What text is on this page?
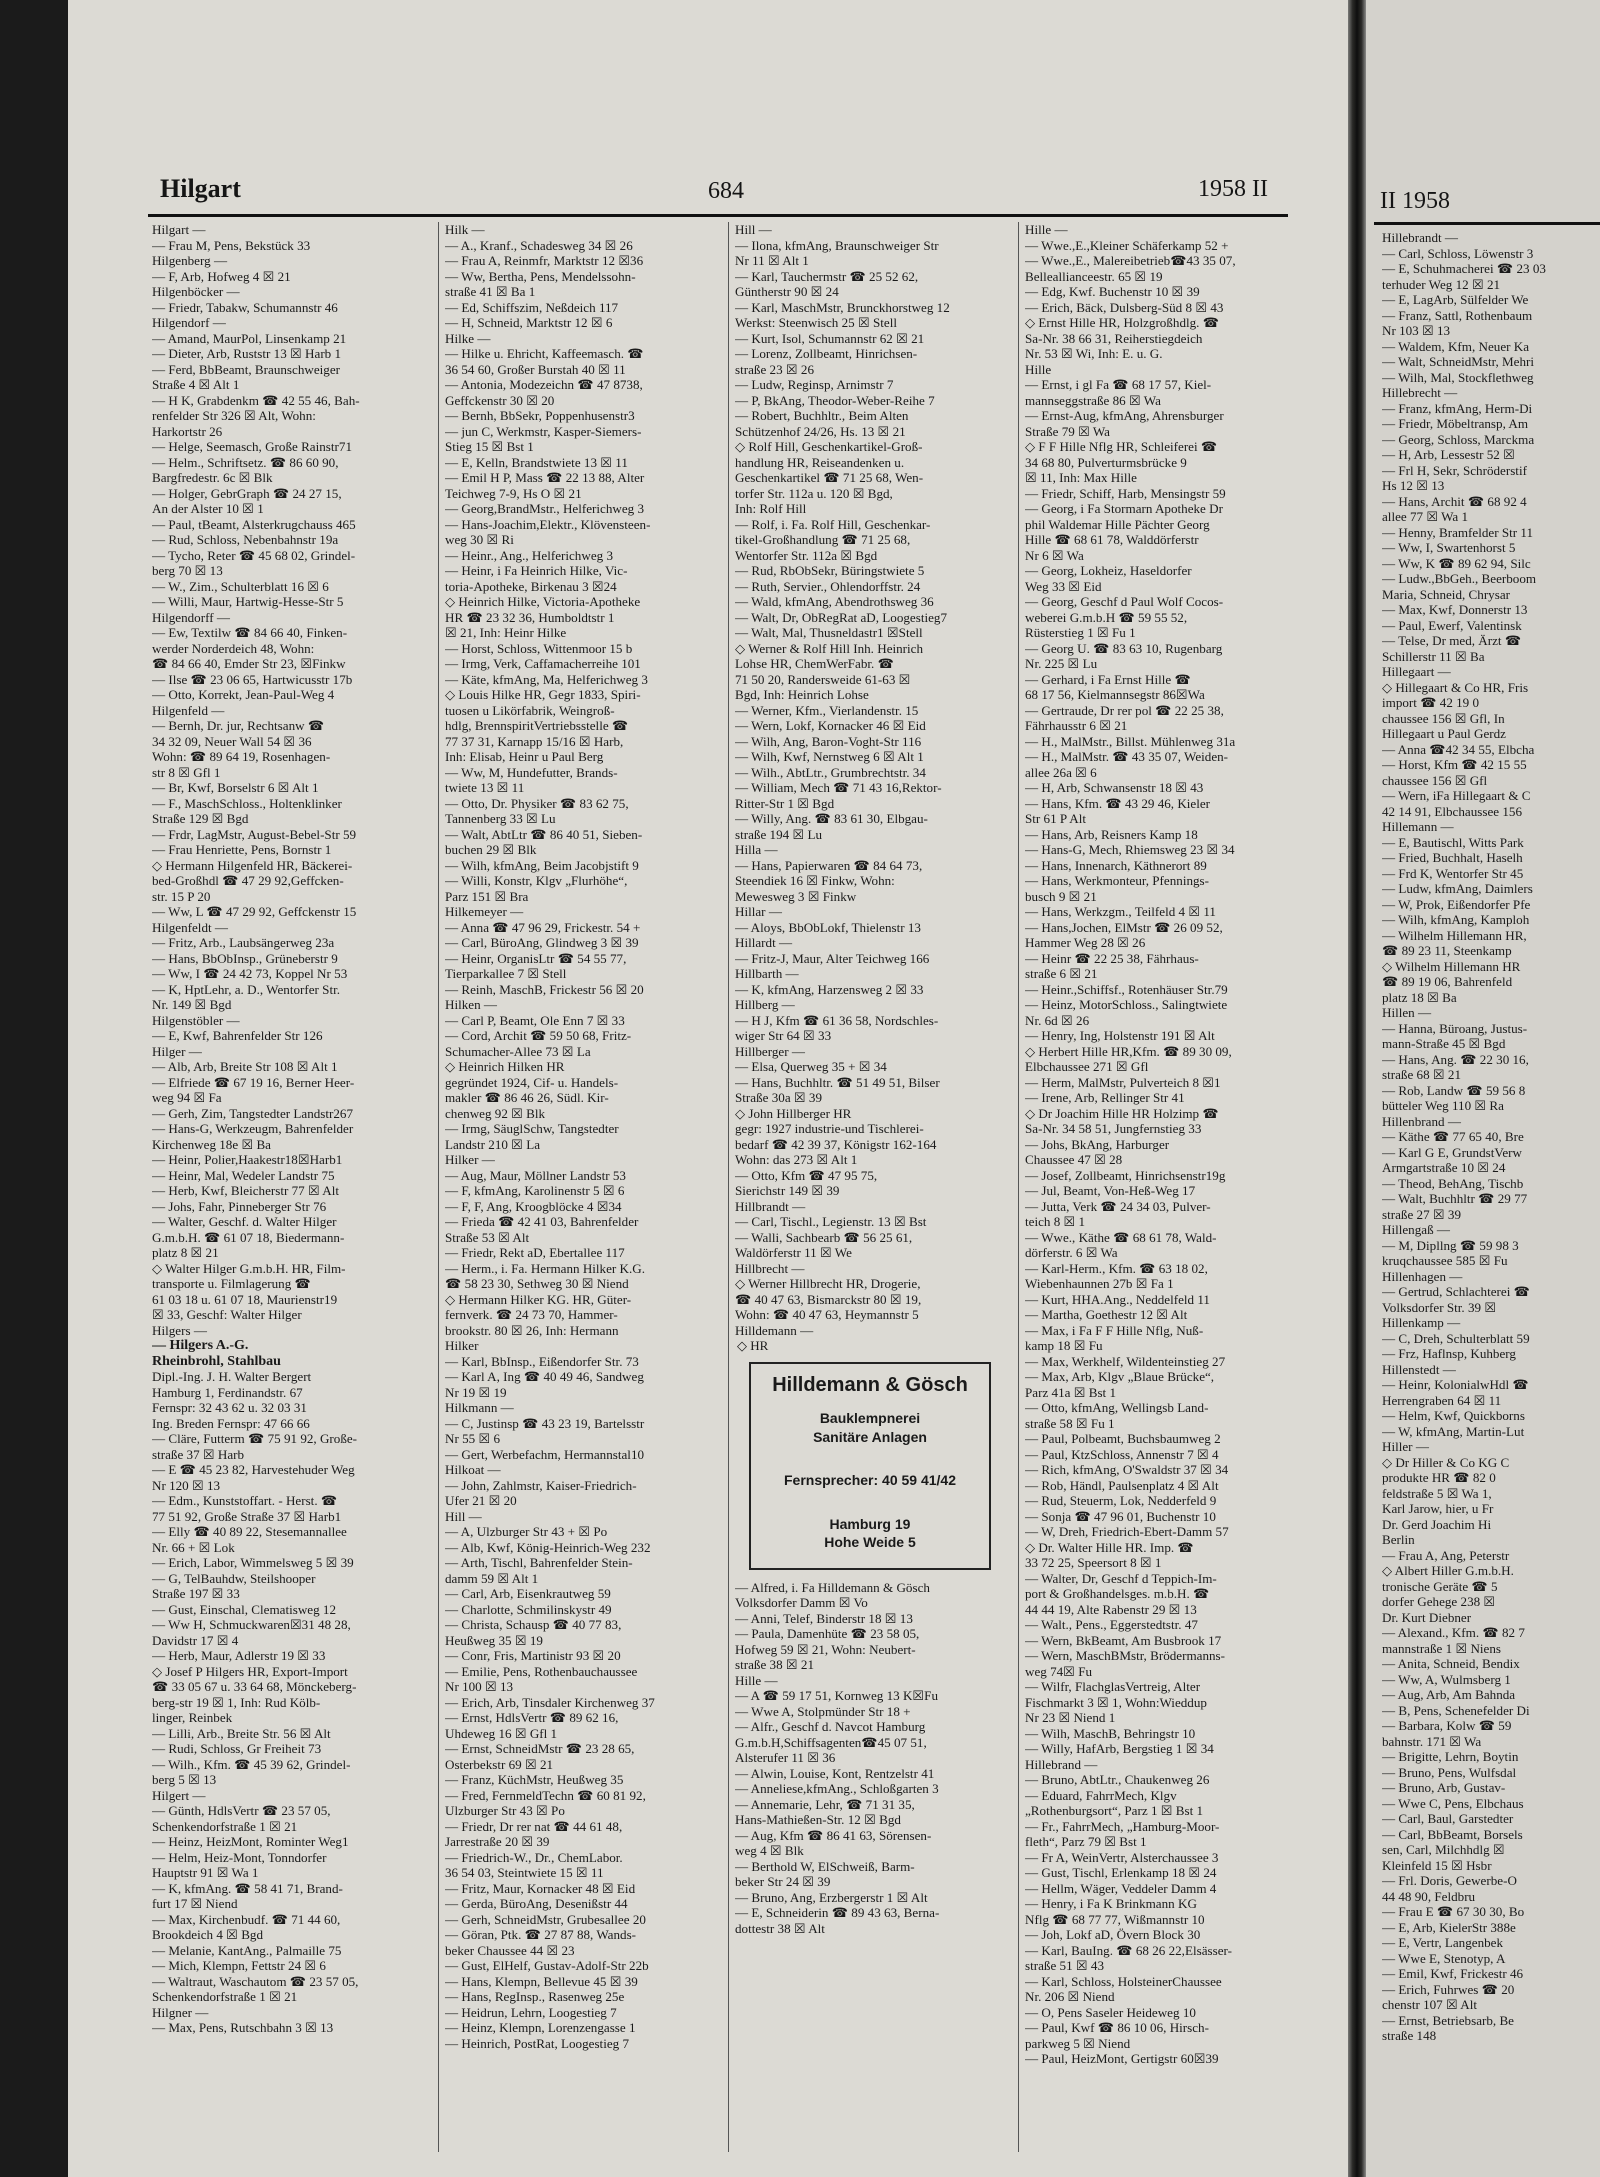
Hilgart	684	1958 II
Hilgart —
— Frau M, Pens, Bekstück 33
Hilgenberg —
— F, Arb, Hofweg 4 ☒ 21
Hilgenböcker —
— Friedr, Tabakw, Schumannstr 46
Hilgendorf —
— Amand, MaurPol, Linsenkamp 21
— Dieter, Arb, Ruststr 13 ☒ Harb 1
— Ferd, BbBeamt, Braunschweiger
Straße 4 ☒ Alt 1
— H K, Grabdenkm ☎ 42 55 46, Bah-
renfelder Str 326 ☒ Alt, Wohn:
Harkortstr 26
— Helge, Seemasch, Große Rainstr71
— Helm., Schriftsetz. ☎ 86 60 90,
Bargfredestr. 6c ☒ Blk
— Holger, GebrGraph ☎ 24 27 15,
An der Alster 10 ☒ 1
— Paul, tBeamt, Alsterkrugchauss 465
— Rud, Schloss, Nebenbahnstr 19a
— Tycho, Reter ☎ 45 68 02, Grindel-
berg 70 ☒ 13
— W., Zim., Schulterblatt 16 ☒ 6
— Willi, Maur, Hartwig-Hesse-Str 5
Hilgendorff —
— Ew, Textilw ☎ 84 66 40, Finken-
werder Norderdeich 48, Wohn:
☎ 84 66 40, Emder Str 23, ☒Finkw
— Ilse ☎ 23 06 65, Hartwicusstr 17b
— Otto, Korrekt, Jean-Paul-Weg 4
Hilgenfeld —
— Bernh, Dr. jur, Rechtsanw ☎
34 32 09, Neuer Wall 54 ☒ 36
Wohn: ☎ 89 64 19, Rosenhagen-
str 8 ☒ Gfl 1
— Br, Kwf, Borselstr 6 ☒ Alt 1
— F., MaschSchloss., Holtenklinker
Straße 129 ☒ Bgd
— Frdr, LagMstr, August-Bebel-Str 59
— Frau Henriette, Pens, Bornstr 1
◇ Hermann Hilgenfeld HR, Bäckerei-
bed-Großhdl ☎ 47 29 92,Geffcken-
str. 15 P 20
— Ww, L ☎ 47 29 92, Geffckenstr 15
Hilgenfeldt —
— Fritz, Arb., Laubsängerweg 23a
— Hans, BbObInsp., Grüneberstr 9
— Ww, I ☎ 24 42 73, Koppel Nr 53
— K, HptLehr, a. D., Wentorfer Str.
Nr. 149 ☒ Bgd
Hilgenstöbler —
— E, Kwf, Bahrenfelder Str 126
Hilger —
— Alb, Arb, Breite Str 108 ☒ Alt 1
— Elfriede ☎ 67 19 16, Berner Heer-
weg 94 ☒ Fa
— Gerh, Zim, Tangstedter Landstr267
— Hans-G, Werkzeugm, Bahrenfelder
Kirchenweg 18e ☒ Ba
— Heinr, Polier,Haakestr18☒Harb1
— Heinr, Mal, Wedeler Landstr 75
— Herb, Kwf, Bleicherstr 77 ☒ Alt
— Johs, Fahr, Pinneberger Str 76
— Walter, Geschf. d. Walter Hilger
G.m.b.H. ☎ 61 07 18, Biedermann-
platz 8 ☒ 21
◇ Walter Hilger G.m.b.H. HR, Film-
transporte u. Filmlagerung ☎
61 03 18 u. 61 07 18, Maurienstr19
☒ 33, Geschf: Walter Hilger
Hilgers —
— Hilgers A.-G.
Rheinbrohl, Stahlbau
Dipl.-Ing. J. H. Walter Bergert
Hamburg 1, Ferdinandstr. 67
Fernspr: 32 43 62 u. 32 03 31
Ing. Breden Fernspr: 47 66 66
— Cläre, Futterm ☎ 75 91 92, Große-
straße 37 ☒ Harb
— E ☎ 45 23 82, Harvestehuder Weg
Nr 120 ☒ 13
— Edm., Kunststoffart. - Herst. ☎
77 51 92, Große Straße 37 ☒ Harb1
— Elly ☎ 40 89 22, Stesemannallee
Nr. 66 + ☒ Lok
— Erich, Labor, Wimmelsweg 5 ☒ 39
— G, TelBauhdw, Steilshooper
Straße 197 ☒ 33
— Gust, Einschal, Clematisweg 12
— Ww H, Schmuckwaren☒31 48 28,
Davidstr 17 ☒ 4
— Herb, Maur, Adlerstr 19 ☒ 33
◇ Josef P Hilgers HR, Export-Import
☎ 33 05 67 u. 33 64 68, Mönckeberg-
berg-str 19 ☒ 1, Inh: Rud Kölb-
linger, Reinbek
— Lilli, Arb., Breite Str. 56 ☒ Alt
— Rudi, Schloss, Gr Freiheit 73
— Wilh., Kfm. ☎ 45 39 62, Grindel-
berg 5 ☒ 13
Hilgert —
— Günth, HdlsVertr ☎ 23 57 05,
Schenkendorfstraße 1 ☒ 21
— Heinz, HeizMont, Rominter Weg1
— Helm, Heiz-Mont, Tonndorfer
Hauptstr 91 ☒ Wa 1
— K, kfmAng. ☎ 58 41 71, Brand-
furt 17 ☒ Niend
— Max, Kirchenbudf. ☎ 71 44 60,
Brookdeich 4 ☒ Bgd
— Melanie, KantAng., Palmaille 75
— Mich, Klempn, Fettstr 24 ☒ 6
— Waltraut, Waschautom ☎ 23 57 05,
Schenkendorfstraße 1 ☒ 21
Hilgner —
— Max, Pens, Rutschbahn 3 ☒ 13
Hilk —
— A., Kranf., Schadesweg 34 ☒ 26
— Frau A, Reinmfr, Marktstr 12 ☒36
— Ww, Bertha, Pens, Mendelssohn-
straße 41 ☒ Ba 1
— Ed, Schiffszim, Neßdeich 117
— H, Schneid, Marktstr 12 ☒ 6
Hilke —
— Hilke u. Ehricht, Kaffeemasch. ☎
36 54 60, Großer Burstah 40 ☒ 11
— Antonia, Modezeichn ☎ 47 8738,
Geffckenstr 30 ☒ 20
— Bernh, BbSekr, Poppenhusenstr3
— jun C, Werkmstr, Kasper-Siemers-
Stieg 15 ☒ Bst 1
— E, Kelln, Brandstwiete 13 ☒ 11
— Emil H P, Mass ☎ 22 13 88, Alter
Teichweg 7-9, Hs O ☒ 21
— Georg,BrandMstr., Helferichweg 3
— Hans-Joachim,Elektr., Klövensteen-
weg 30 ☒ Ri
— Heinr., Ang., Helferichweg 3
— Heinr, i Fa Heinrich Hilke, Vic-
toria-Apotheke, Birkenau 3 ☒24
◇ Heinrich Hilke, Victoria-Apotheke
HR ☎ 23 32 36, Humboldtstr 1
☒ 21, Inh: Heinr Hilke
— Horst, Schloss, Wittenmoor 15 b
— Irmg, Verk, Caffamacherreihe 101
— Käte, kfmAng, Ma, Helferichweg 3
◇ Louis Hilke HR, Gegr 1833, Spiri-
tuosen u Likörfabrik, Weingroß-
hdlg, BrennspiritVertriebsstelle ☎
77 37 31, Karnapp 15/16 ☒ Harb,
Inh: Elisab, Heinr u Paul Berg
— Ww, M, Hundefutter, Brands-
twiete 13 ☒ 11
— Otto, Dr. Physiker ☎ 83 62 75,
Tannenberg 33 ☒ Lu
— Walt, AbtLtr ☎ 86 40 51, Sieben-
buchen 29 ☒ Blk
— Wilh, kfmAng, Beim Jacobjstift 9
— Willi, Konstr, Klgv „Flurhöhe“,
Parz 151 ☒ Bra
Hilkemeyer —
— Anna ☎ 47 96 29, Frickestr. 54 +
— Carl, BüroAng, Glindweg 3 ☒ 39
— Heinr, OrganisLtr ☎ 54 55 77,
Tierparkallee 7 ☒ Stell
— Reinh, MaschB, Frickestr 56 ☒ 20
Hilken —
— Carl P, Beamt, Ole Enn 7 ☒ 33
— Cord, Archit ☎ 59 50 68, Fritz-
Schumacher-Allee 73 ☒ La
◇ Heinrich Hilken HR
gegründet 1924, Cif- u. Handels-
makler ☎ 86 46 26, Südl. Kir-
chenweg 92 ☒ Blk
— Irmg, SäuglSchw, Tangstedter
Landstr 210 ☒ La
Hilker —
— Aug, Maur, Möllner Landstr 53
— F, kfmAng, Karolinenstr 5 ☒ 6
— F, F, Ang, Kroogblöcke 4 ☒34
— Frieda ☎ 42 41 03, Bahrenfelder
Straße 53 ☒ Alt
— Friedr, Rekt aD, Ebertallee 117
— Herm., i. Fa. Hermann Hilker K.G.
☎ 58 23 30, Sethweg 30 ☒ Niend
◇ Hermann Hilker KG. HR, Güter-
fernverk. ☎ 24 73 70, Hammer-
brookstr. 80 ☒ 26, Inh: Hermann
Hilker
— Karl, BbInsp., Eißendorfer Str. 73
— Karl A, Ing ☎ 40 49 46, Sandweg
Nr 19 ☒ 19
Hilkmann —
— C, Justinsp ☎ 43 23 19, Bartelsstr
Nr 55 ☒ 6
— Gert, Werbefachm, Hermannstal10
Hilkoat —
— John, Zahlmstr, Kaiser-Friedrich-
Ufer 21 ☒ 20
Hill —
— A, Ulzburger Str 43 + ☒ Po
— Alb, Kwf, König-Heinrich-Weg 232
— Arth, Tischl, Bahrenfelder Stein-
damm 59 ☒ Alt 1
— Carl, Arb, Eisenkrautweg 59
— Charlotte, Schmilinskystr 49
— Christa, Schausp ☎ 40 77 83,
Heußweg 35 ☒ 19
— Conr, Fris, Martinistr 93 ☒ 20
— Emilie, Pens, Rothenbauchaussee
Nr 100 ☒ 13
— Erich, Arb, Tinsdaler Kirchenweg 37
— Ernst, HdlsVertr ☎ 89 62 16,
Uhdeweg 16 ☒ Gfl 1
— Ernst, SchneidMstr ☎ 23 28 65,
Osterbekstr 69 ☒ 21
— Franz, KüchMstr, Heußweg 35
— Fred, FernmeldTechn ☎ 60 81 92,
Ulzburger Str 43 ☒ Po
— Friedr, Dr rer nat ☎ 44 61 48,
Jarrestraße 20 ☒ 39
— Friedrich-W., Dr., ChemLabor.
36 54 03, Steintwiete 15 ☒ 11
— Fritz, Maur, Kornacker 48 ☒ Eid
— Gerda, BüroAng, Desenißstr 44
— Gerh, SchneidMstr, Grubesallee 20
— Göran, Ptk. ☎ 27 87 88, Wands-
beker Chaussee 44 ☒ 23
— Gust, ElHelf, Gustav-Adolf-Str 22b
— Hans, Klempn, Bellevue 45 ☒ 39
— Hans, RegInsp., Rasenweg 25e
— Heidrun, Lehrn, Loogestieg 7
— Heinz, Klempn, Lorenzengasse 1
— Heinrich, PostRat, Loogestieg 7
Hill —
— Ilona, kfmAng, Braunschweiger Str
Nr 11 ☒ Alt 1
— Karl, Tauchermstr ☎ 25 52 62,
Güntherstr 90 ☒ 24
— Karl, MaschMstr, Brunckhorstweg 12
Werkst: Steenwisch 25 ☒ Stell
— Kurt, Isol, Schumannstr 62 ☒ 21
— Lorenz, Zollbeamt, Hinrichsen-
straße 23 ☒ 26
— Ludw, Reginsp, Arnimstr 7
— P, BkAng, Theodor-Weber-Reihe 7
— Robert, Buchhltr., Beim Alten
Schützenhof 24/26, Hs. 13 ☒ 21
◇ Rolf Hill, Geschenkartikel-Groß-
handlung HR, Reiseandenken u.
Geschenkartikel ☎ 71 25 68, Wen-
torfer Str. 112a u. 120 ☒ Bgd,
Inh: Rolf Hill
— Rolf, i. Fa. Rolf Hill, Geschenkar-
tikel-Großhandlung ☎ 71 25 68,
Wentorfer Str. 112a ☒ Bgd
— Rud, RbObSekr, Büringstwiete 5
— Ruth, Servier., Ohlendorffstr. 24
— Wald, kfmAng, Abendrothsweg 36
— Walt, Dr, ObRegRat aD, Loogestieg7
— Walt, Mal, Thusneldastr1 ☒Stell
◇ Werner & Rolf Hill Inh. Heinrich
Lohse HR, ChemWerFabr. ☎
71 50 20, Randersweide 61-63 ☒
Bgd, Inh: Heinrich Lohse
— Werner, Kfm., Vierlandenstr. 15
— Wern, Lokf, Kornacker 46 ☒ Eid
— Wilh, Ang, Baron-Voght-Str 116
— Wilh, Kwf, Nernstweg 6 ☒ Alt 1
— Wilh., AbtLtr., Grumbrechtstr. 34
— William, Mech ☎ 71 43 16,Rektor-
Ritter-Str 1 ☒ Bgd
— Willy, Ang. ☎ 83 61 30, Elbgau-
straße 194 ☒ Lu
Hilla —
— Hans, Papierwaren ☎ 84 64 73,
Steendiek 16 ☒ Finkw, Wohn:
Mewesweg 3 ☒ Finkw
Hillar —
— Aloys, BbObLokf, Thielenstr 13
Hillardt —
— Fritz-J, Maur, Alter Teichweg 166
Hillbarth —
— K, kfmAng, Harzensweg 2 ☒ 33
Hillberg —
— H J, Kfm ☎ 61 36 58, Nordschles-
wiger Str 64 ☒ 33
Hillberger —
— Elsa, Querweg 35 + ☒ 34
— Hans, Buchhltr. ☎ 51 49 51, Bilser
Straße 30a ☒ 39
◇ John Hillberger HR
gegr: 1927 industrie-und Tischlerei-
bedarf ☎ 42 39 37, Königstr 162-164
Wohn: das 273 ☒ Alt 1
— Otto, Kfm ☎ 47 95 75,
Sierichstr 149 ☒ 39
Hillbrandt —
— Carl, Tischl., Legienstr. 13 ☒ Bst
— Walli, Sachbearb ☎ 56 25 61,
Waldörferstr 11 ☒ We
Hillbrecht —
◇ Werner Hillbrecht HR, Drogerie,
☎ 40 47 63, Bismarckstr 80 ☒ 19,
Wohn: ☎ 40 47 63, Heymannstr 5
Hilldemann —
◇ HR
Hilldemann & Gösch
Bauklempnerei
Sanitäre Anlagen
Fernsprecher: 40 59 41/42
Hamburg 19
Hohe Weide 5
— Alfred, i. Fa Hilldemann & Gösch
Volksdorfer Damm ☒ Vo
— Anni, Telef, Binderstr 18 ☒ 13
— Paula, Damenhüte ☎ 23 58 05,
Hofweg 59 ☒ 21, Wohn: Neubert-
straße 38 ☒ 21
Hille —
— A ☎ 59 17 51, Kornweg 13 K☒Fu
— Wwe A, Stolpmünder Str 18 +
— Alfr., Geschf d. Navcot Hamburg
G.m.b.H,Schiffsagenten☎45 07 51,
Alsterufer 11 ☒ 36
— Alwin, Louise, Kont, Rentzelstr 41
— Anneliese,kfmAng., Schloßgarten 3
— Annemarie, Lehr, ☎ 71 31 35,
Hans-Mathießen-Str. 12 ☒ Bgd
— Aug, Kfm ☎ 86 41 63, Sörensen-
weg 4 ☒ Blk
— Berthold W, ElSchweiß, Barm-
beker Str 24 ☒ 39
— Bruno, Ang, Erzbergerstr 1 ☒ Alt
— E, Schneiderin ☎ 89 43 63, Berna-
dottestr 38 ☒ Alt
Hille —
— Wwe.,E.,Kleiner Schäferkamp 52 +
— Wwe.,E., Malereibetrieb☎43 35 07,
Belleallianceestr. 65 ☒ 19
— Edg, Kwf. Buchenstr 10 ☒ 39
— Erich, Bäck, Dulsberg-Süd 8 ☒ 43
◇ Ernst Hille HR, Holzgroßhdlg. ☎
Sa-Nr. 38 66 31, Reiherstiegdeich
Nr. 53 ☒ Wi, Inh: E. u. G.
Hille
— Ernst, i gl Fa ☎ 68 17 57, Kiel-
mannseggstraße 86 ☒ Wa
— Ernst-Aug, kfmAng, Ahrensburger
Straße 79 ☒ Wa
◇ F F Hille Nflg HR, Schleiferei ☎
34 68 80, Pulverturmsbrücke 9
☒ 11, Inh: Max Hille
— Friedr, Schiff, Harb, Mensingstr 59
— Georg, i Fa Stormarn Apotheke Dr
phil Waldemar Hille Pächter Georg
Hille ☎ 68 61 78, Walddörferstr
Nr 6 ☒ Wa
— Georg, Lokheiz, Haseldorfer
Weg 33 ☒ Eid
— Georg, Geschf d Paul Wolf Cocos-
weberei G.m.b.H ☎ 59 55 52,
Rüsterstieg 1 ☒ Fu 1
— Georg U. ☎ 83 63 10, Rugenbarg
Nr. 225 ☒ Lu
— Gerhard, i Fa Ernst Hille ☎
68 17 56, Kielmannsegstr 86☒Wa
— Gertraude, Dr rer pol ☎ 22 25 38,
Fährhausstr 6 ☒ 21
— H., MalMstr., Billst. Mühlenweg 31a
— H., MalMstr. ☎ 43 35 07, Weiden-
allee 26a ☒ 6
— H, Arb, Schwansenstr 18 ☒ 43
— Hans, Kfm. ☎ 43 29 46, Kieler
Str 61 P Alt
— Hans, Arb, Reisners Kamp 18
— Hans-G, Mech, Rhiemsweg 23 ☒ 34
— Hans, Innenarch, Käthnerort 89
— Hans, Werkmonteur, Pfennings-
busch 9 ☒ 21
— Hans, Werkzgm., Teilfeld 4 ☒ 11
— Hans,Jochen, ElMstr ☎ 26 09 52,
Hammer Weg 28 ☒ 26
— Heinr ☎ 22 25 38, Fährhaus-
straße 6 ☒ 21
— Heinr.,Schiffsf., Rotenhäuser Str.79
— Heinz, MotorSchloss., Salingtwiete
Nr. 6d ☒ 26
— Henry, Ing, Holstenstr 191 ☒ Alt
◇ Herbert Hille HR,Kfm. ☎ 89 30 09,
Elbchaussee 271 ☒ Gfl
— Herm, MalMstr, Pulverteich 8 ☒1
— Irene, Arb, Rellinger Str 41
◇ Dr Joachim Hille HR Holzimp ☎
Sa-Nr. 34 58 51, Jungfernstieg 33
— Johs, BkAng, Harburger
Chaussee 47 ☒ 28
— Josef, Zollbeamt, Hinrichsenstr19g
— Jul, Beamt, Von-Heß-Weg 17
— Jutta, Verk ☎ 24 34 03, Pulver-
teich 8 ☒ 1
— Wwe., Käthe ☎ 68 61 78, Wald-
dörferstr. 6 ☒ Wa
— Karl-Herm., Kfm. ☎ 63 18 02,
Wiebenhaunnen 27b ☒ Fa 1
— Kurt, HHA.Ang., Neddelfeld 11
— Martha, Goethestr 12 ☒ Alt
— Max, i Fa F F Hille Nflg, Nuß-
kamp 18 ☒ Fu
— Max, Werkhelf, Wildenteinstieg 27
— Max, Arb, Klgv „Blaue Brücke“,
Parz 41a ☒ Bst 1
— Otto, kfmAng, Wellingsb Land-
straße 58 ☒ Fu 1
— Paul, Polbeamt, Buchsbaumweg 2
— Paul, KtzSchloss, Annenstr 7 ☒ 4
— Rich, kfmAng, O'Swaldstr 37 ☒ 34
— Rob, Händl, Paulsenplatz 4 ☒ Alt
— Rud, Steuerm, Lok, Nedderfeld 9
— Sonja ☎ 47 96 01, Buchenstr 10
— W, Dreh, Friedrich-Ebert-Damm 57
◇ Dr. Walter Hille HR. Imp. ☎
33 72 25, Speersort 8 ☒ 1
— Walter, Dr, Geschf d Teppich-Im-
port & Großhandelsges. m.b.H. ☎
44 44 19, Alte Rabenstr 29 ☒ 13
— Walt., Pens., Eggerstedtstr. 47
— Wern, BkBeamt, Am Busbrook 17
— Wern, MaschBMstr, Brödermanns-
weg 74☒ Fu
— Wilfr, FlachglasVertreig, Alter
Fischmarkt 3 ☒ 1, Wohn:Wieddup
Nr 23 ☒ Niend 1
— Wilh, MaschB, Behringstr 10
— Willy, HafArb, Bergstieg 1 ☒ 34
Hillebrand —
— Bruno, AbtLtr., Chaukenweg 26
— Eduard, FahrrMech, Klgv
„Rothenburgsort“, Parz 1 ☒ Bst 1
— Fr., FahrrMech, „Hamburg-Moor-
fleth“, Parz 79 ☒ Bst 1
— Fr A, WeinVertr, Alsterchaussee 3
— Gust, Tischl, Erlenkamp 18 ☒ 24
— Hellm, Wäger, Veddeler Damm 4
— Henry, i Fa K Brinkmann KG
Nflg ☎ 68 77 77, Wißmannstr 10
— Joh, Lokf aD, Övern Block 30
— Karl, BauIng. ☎ 68 26 22,Elsässer-
straße 51 ☒ 43
— Karl, Schloss, HolsteinerChaussee
Nr. 206 ☒ Niend
— O, Pens Saseler Heideweg 10
— Paul, Kwf ☎ 86 10 06, Hirsch-
parkweg 5 ☒ Niend
— Paul, HeizMont, Gertigstr 60☒39
II 1958
Hillebrandt —
— Carl, Schloss, Löwenstr 3
— E, Schuhmacherei ☎ 23 03
terhuder Weg 12 ☒ 21
— E, LagArb, Sülfelder We
— Franz, Sattl, Rothenbaum
Nr 103 ☒ 13
— Waldem, Kfm, Neuer Ka
— Walt, SchneidMstr, Mehri
— Wilh, Mal, Stockflethweg
Hillebrecht —
— Franz, kfmAng, Herm-Di
— Friedr, Möbeltransp, Am
— Georg, Schloss, Marckma
— H, Arb, Lessestr 52 ☒
— Frl H, Sekr, Schröderstif
Hs 12 ☒ 13
— Hans, Archit ☎ 68 92 4
allee 77 ☒ Wa 1
— Henny, Bramfelder Str 11
— Ww, I, Swartenhorst 5
— Ww, K ☎ 89 62 94, Silc
— Ludw.,BbGeh., Beerboom
Maria, Schneid, Chrysar
— Max, Kwf, Donnerstr 13
— Paul, Ewerf, Valentinsk
— Telse, Dr med, Ärzt ☎
Schillerstr 11 ☒ Ba
Hillegaart —
◇ Hillegaart & Co HR, Fris
import ☎ 42 19 0
chaussee 156 ☒ Gfl, In
Hillegaart u Paul Gerdz
— Anna ☎42 34 55, Elbcha
— Horst, Kfm ☎ 42 15 55
chaussee 156 ☒ Gfl
— Wern, iFa Hillegaart & C
42 14 91, Elbchaussee 156
Hillemann —
— E, Bautischl, Witts Park
— Fried, Buchhalt, Haselh
— Frd K, Wentorfer Str 45
— Ludw, kfmAng, Daimlers
— W, Prok, Eißendorfer Pfe
— Wilh, kfmAng, Kamploh
— Wilhelm Hillemann HR,
☎ 89 23 11, Steenkamp
◇ Wilhelm Hillemann HR
☎ 89 19 06, Bahrenfeld
platz 18 ☒ Ba
Hillen —
— Hanna, Büroang, Justus-
mann-Straße 45 ☒ Bgd
— Hans, Ang. ☎ 22 30 16,
straße 68 ☒ 21
— Rob, Landw ☎ 59 56 8
bütteler Weg 110 ☒ Ra
Hillenbrand —
— Käthe ☎ 77 65 40, Bre
— Karl G E, GrundstVerw
Armgartstraße 10 ☒ 24
— Theod, BehAng, Tischb
— Walt, Buchhltr ☎ 29 77
straße 27 ☒ 39
Hillengaß —
— M, Dipllng ☎ 59 98 3
kruqchaussee 585 ☒ Fu
Hillenhagen —
— Gertrud, Schlachterei ☎
Volksdorfer Str. 39 ☒
Hillenkamp —
— C, Dreh, Schulterblatt 59
— Frz, Haflnsp, Kuhberg
Hillenstedt —
— Heinr, KolonialwHdl ☎
Herrengraben 64 ☒ 11
— Helm, Kwf, Quickborns
— W, kfmAng, Martin-Lut
Hiller —
◇ Dr Hiller & Co KG C
produkte HR ☎ 82 0
feldstraße 5 ☒ Wa 1,
Karl Jarow, hier, u Fr
Dr. Gerd Joachim Hi
Berlin
— Frau A, Ang, Peterstr
◇ Albert Hiller G.m.b.H.
tronische Geräte ☎ 5
dorfer Gehege 238 ☒
Dr. Kurt Diebner
— Alexand., Kfm. ☎ 82 7
mannstraße 1 ☒ Niens
— Anita, Schneid, Bendix
— Ww, A, Wulmsberg 1
— Aug, Arb, Am Bahnda
— B, Pens, Schenefelder Di
— Barbara, Kolw ☎ 59
bahnstr. 171 ☒ Wa
— Brigitte, Lehrn, Boytin
— Bruno, Pens, Wulfsdal
— Bruno, Arb, Gustav-
— Wwe C, Pens, Elbchaus
— Carl, Baul, Garstedter
— Carl, BbBeamt, Borsels
sen, Carl, Milchhdlg ☒
Kleinfeld 15 ☒ Hsbr
— Frl. Doris, Gewerbe-O
44 48 90, Feldbru
— Frau E ☎ 67 30 30, Bo
— E, Arb, KielerStr 388e
— E, Vertr, Langenbek
— Wwe E, Stenotyp, A
— Emil, Kwf, Frickestr 46
— Erich, Fuhrwes ☎ 20
chenstr 107 ☒ Alt
— Ernst, Betriebsarb, Be
straße 148
